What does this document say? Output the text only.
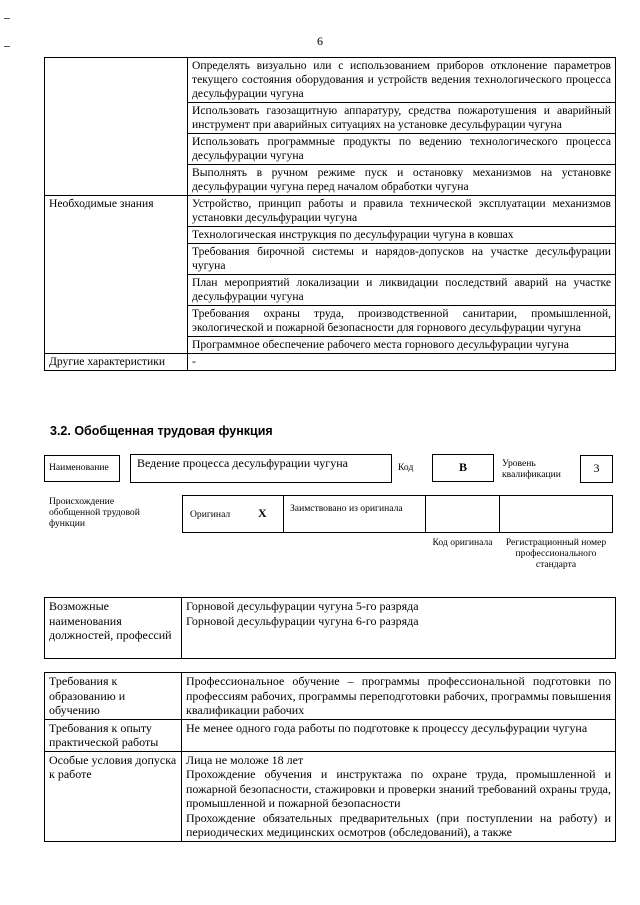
6
	Определять визуально или с использованием приборов отклонение параметров текущего состояния оборудования и устройств ведения технологического процесса десульфурации чугуна
	Использовать газозащитную аппаратуру, средства пожаротушения и аварийный инструмент при аварийных ситуациях на установке десульфурации чугуна
	Использовать программные продукты по ведению технологического процесса десульфурации чугуна
	Выполнять в ручном режиме пуск и остановку механизмов на установке десульфурации чугуна перед началом обработки чугуна
Необходимые знания	Устройство, принцип работы и правила технической эксплуатации механизмов установки десульфурации чугуна
	Технологическая инструкция по десульфурации чугуна в ковшах
	Требования бирочной системы и нарядов-допусков на участке десульфурации чугуна
	План мероприятий локализации и ликвидации последствий аварий на участке десульфурации чугуна
	Требования охраны труда, производственной санитарии, промышленной, экологической и пожарной безопасности для горнового десульфурации чугуна
	Программное обеспечение рабочего места горнового десульфурации чугуна
Другие характеристики	-
3.2. Обобщенная трудовая функция
Наименование Ведение процесса десульфурации чугуна	Код	B	Уровень квалификации	3
Происхождение обобщенной трудовой функции
Оригинал X Заимствовано из оригинала
Код оригинала	Регистрационный номер профессионального стандарта
Возможные наименования должностей, профессий	
Горновой десульфурации чугуна 5-го разряда
Горновой десульфурации чугуна 6-го разряда
Требования к образованию и обучению	Профессиональное обучение – программы профессиональной подготовки по профессиям рабочих, программы переподготовки рабочих, программы повышения квалификации рабочих
Требования к опыту практической работы	Не менее одного года работы по подготовке к процессу десульфурации чугуна
Особые условия допуска к работе	Лица не моложе 18 лет
Прохождение обучения и инструктажа по охране труда, промышленной и пожарной безопасности, стажировки и проверки знаний требований охраны труда, промышленной и пожарной безопасности
Прохождение обязательных предварительных (при поступлении на работу) и периодических медицинских осмотров (обследований), а также
